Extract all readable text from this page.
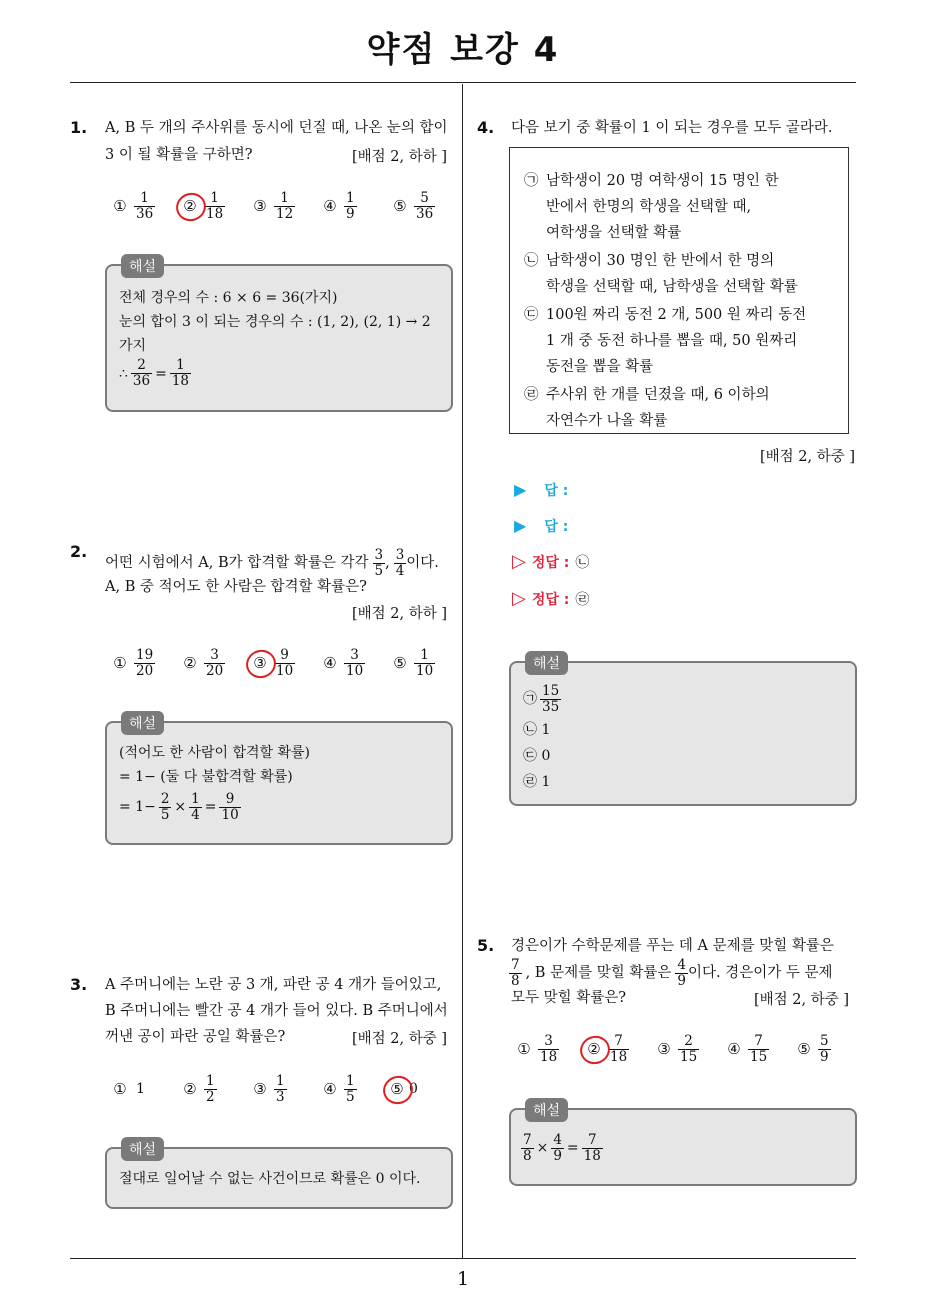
약점 보강 4
1. A, B 두 개의 주사위를 동시에 던질 때, 나온 눈의 합이
3 이 될 확률을 구하면?	[배점 2, 하하 ]
① $\frac{1}{36}$ ② $\frac{1}{18}$ ③ $\frac{1}{12}$ ④ $\frac{1}{9}$ ⑤ $\frac{5}{36}$
해설
전체 경우의 수 : 6 × 6 = 36(가지)
눈의 합이 3 이 되는 경우의 수 : (1, 2), (2, 1) → 2
가지
∴ $\frac{2}{36} = \frac{1}{18}$
2.
어떤 시험에서 A, B가 합격할 확률은 각각 $\frac{3}{5}$ , $\frac{3}{4}$ 이다.
A, B 중 적어도 한 사람은 합격할 확률은?
[배점 2, 하하 ]
① $\frac{19}{20}$ ② $\frac{3}{20}$ ③ $\frac{9}{10}$ ④ $\frac{3}{10}$ ⑤ $\frac{1}{10}$
해설
(적어도 한 사람이 합격할 확률)
= 1− (둘 다 불합격할 확률)
= $1- \frac{2}{5} \times \frac{1}{4} = \frac{9}{10}$
3. A 주머니에는 노란 공 3 개, 파란 공 4 개가 들어있고,
B 주머니에는 빨간 공 4 개가 들어 있다. B 주머니에서
꺼낸 공이 파란 공일 확률은?	[배점 2, 하중 ]
① 1	② $\frac{1}{2}$ ③ $\frac{1}{3}$ ④ $\frac{1}{5}$ ⑤ 0
해설
절대로 일어날 수 없는 사건이므로 확률은 0 이다.
4. 다음 보기 중 확률이 1 이 되는 경우를 모두 골라라.
㉠ 남학생이 20 명 여학생이 15 명인 한
반에서 한명의 학생을 선택할 때,
여학생을 선택할 확률
㉡ 남학생이 30 명인 한 반에서 한 명의
학생을 선택할 때, 남학생을 선택할 확률
㉢ 100원 짜리 동전 2 개, 500 원 짜리 동전
1 개 중 동전 하나를 뽑을 때, 50 원짜리
동전을 뽑을 확률
㉣ 주사위 한 개를 던졌을 때, 6 이하의
자연수가 나올 확률
[배점 2, 하중 ]
▶ 답 :
▶ 답 :
▷ 정답 : ㉡
▷ 정답 : ㉣
해설
㉠ $\frac{15}{35}$
㉡ 1
㉢ 0
㉣ 1
5. 경은이가 수학문제를 푸는 데 A 문제를 맞힐 확률은
$\frac{7}{8}$ , B 문제를 맞힐 확률은 $\frac{4}{9}$ 이다. 경은이가 두 문제
모두 맞힐 확률은?	[배점 2, 하중 ]
① $\frac{3}{18}$ ② $\frac{7}{18}$ ③ $\frac{2}{15}$ ④ $\frac{7}{15}$ ⑤ $\frac{5}{9}$
해설
$\frac{7}{8} \times \frac{4}{9} = \frac{7}{18}$
1
